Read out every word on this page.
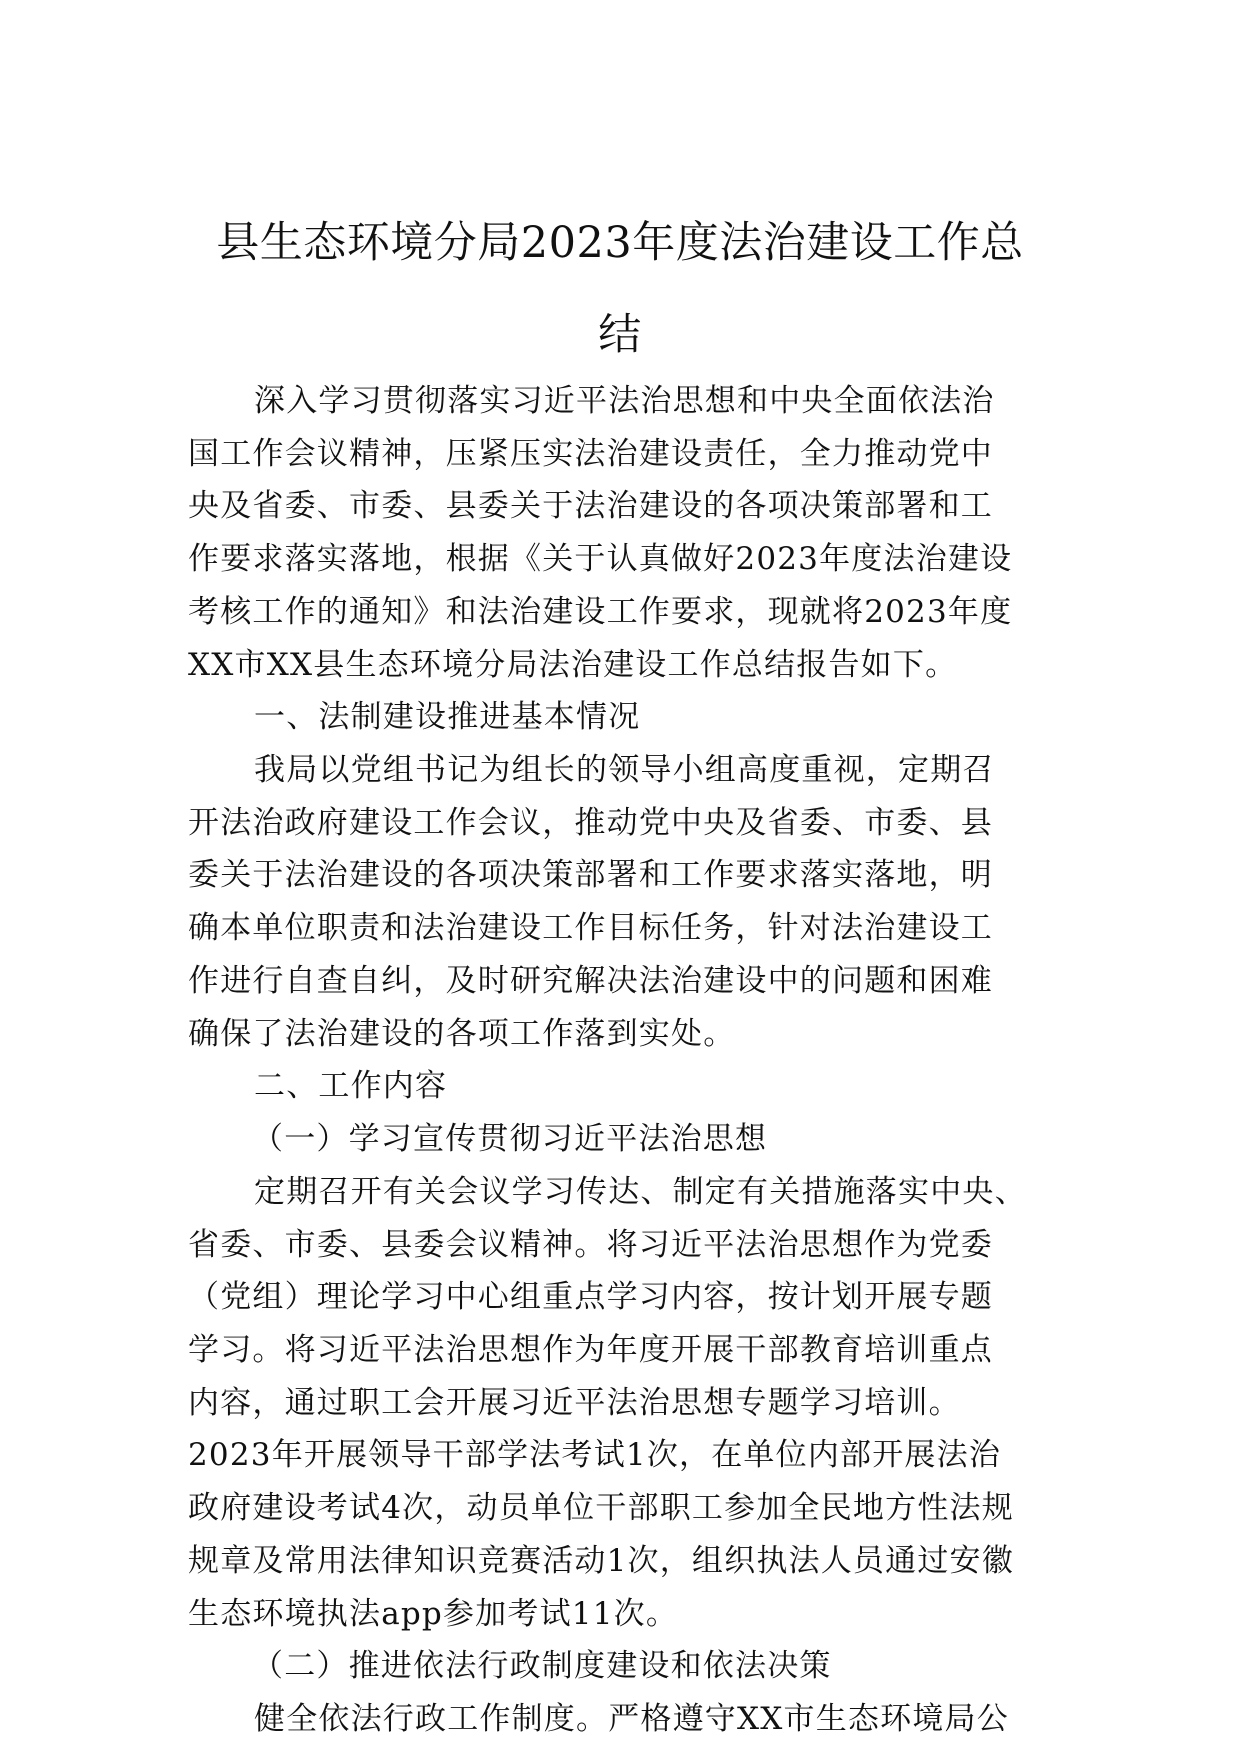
县生态环境分局2023年度法治建设工作总
结
深入学习贯彻落实习近平法治思想和中央全面依法治
国工作会议精神，压紧压实法治建设责任，全力推动党中
央及省委、市委、县委关于法治建设的各项决策部署和工
作要求落实落地，根据《关于认真做好2023年度法治建设
考核工作的通知》和法治建设工作要求，现就将2023年度
XX市XX县生态环境分局法治建设工作总结报告如下。
一、法制建设推进基本情况
我局以党组书记为组长的领导小组高度重视，定期召
开法治政府建设工作会议，推动党中央及省委、市委、县
委关于法治建设的各项决策部署和工作要求落实落地，明
确本单位职责和法治建设工作目标任务，针对法治建设工
作进行自查自纠，及时研究解决法治建设中的问题和困难
确保了法治建设的各项工作落到实处。
二、工作内容
（一）学习宣传贯彻习近平法治思想
定期召开有关会议学习传达、制定有关措施落实中央、
省委、市委、县委会议精神。将习近平法治思想作为党委
（党组）理论学习中心组重点学习内容，按计划开展专题
学习。将习近平法治思想作为年度开展干部教育培训重点
内容，通过职工会开展习近平法治思想专题学习培训。
2023年开展领导干部学法考试1次，在单位内部开展法治
政府建设考试4次，动员单位干部职工参加全民地方性法规
规章及常用法律知识竞赛活动1次，组织执法人员通过安徽
生态环境执法app参加考试11次。
（二）推进依法行政制度建设和依法决策
健全依法行政工作制度。严格遵守XX市生态环境局公
